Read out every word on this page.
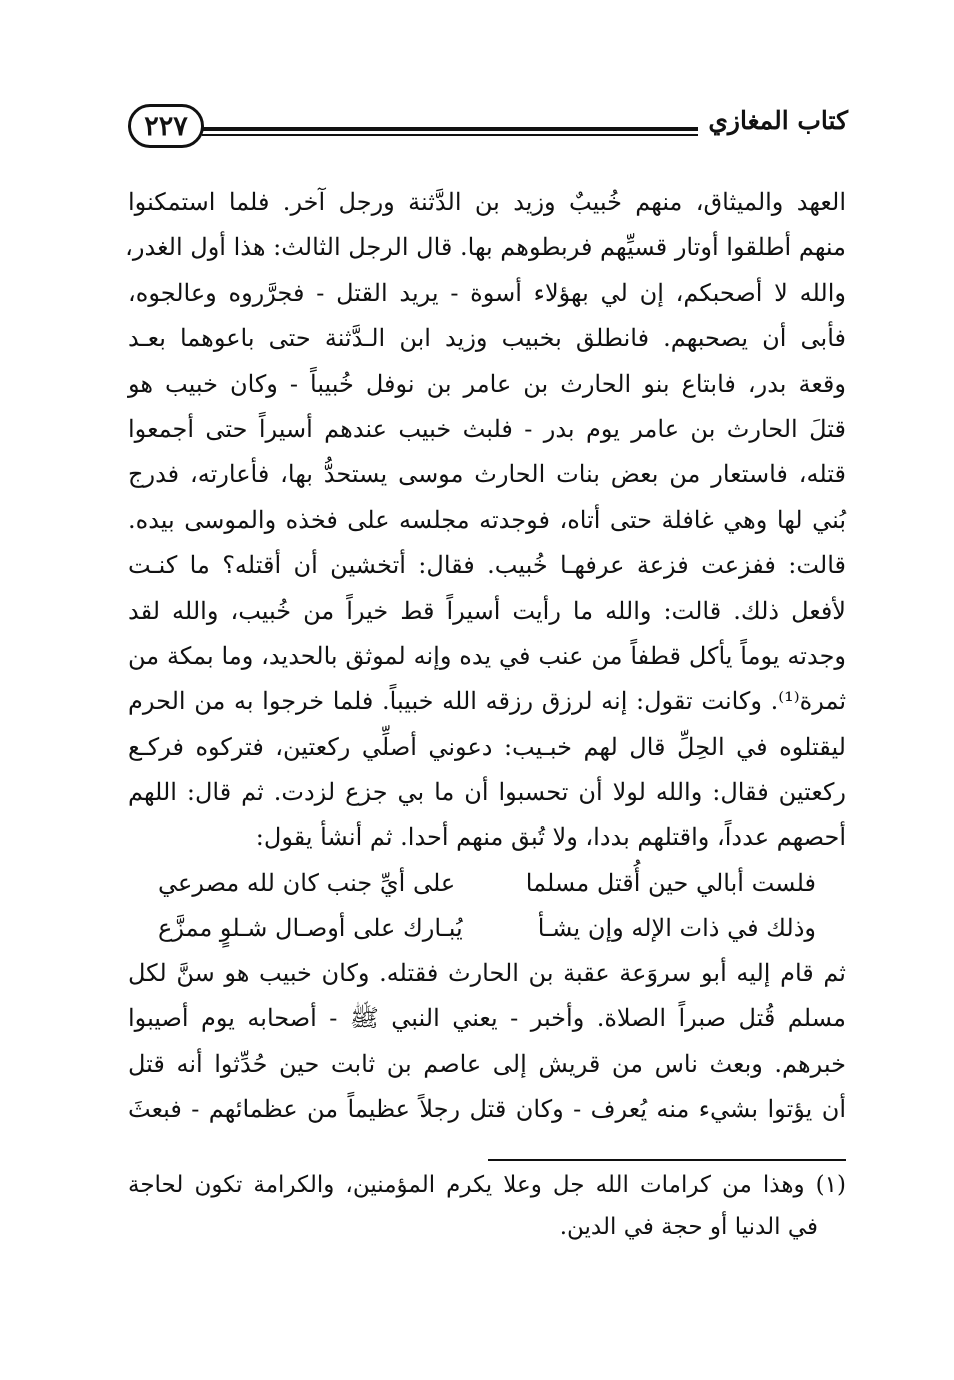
كتاب المغازي
٢٢٧
العهد والميثاق، منهم خُبيبٌ وزيد بن الدَّثنة ورجل آخر. فلما استمكنوا
منهم أطلقوا أوتار قسيِّهم فربطوهم بها. قال الرجل الثالث: هذا أول الغدر،
والله لا أصحبكم، إن لي بهؤلاء أسوة - يريد القتل - فجرَّروه وعالجوه،
فأبى أن يصحبهم. فانطلق بخبيب وزيد ابن الـدَّثنة حتى باعوهما بعـد
وقعة بدر، فابتاع بنو الحارث بن عامر بن نوفل خُبيباً - وكان خبيب هو
قتلَ الحارث بن عامر يوم بدر - فلبث خبيب عندهم أسيراً حتى أجمعوا
قتله، فاستعار من بعض بنات الحارث موسى يستحدُّ بها، فأعارته، فدرج
بُني لها وهي غافلة حتى أتاه، فوجدته مجلسه على فخذه والموسى بيده.
قالت: ففزعت فزعة عرفهـا خُبيب. فقال: أتخشين أن أقتله؟ ما كنـت
لأفعل ذلك. قالت: والله ما رأيت أسيراً قط خيراً من خُبيب، والله لقد
وجدته يوماً يأكل قطفاً من عنب في يده وإنه لموثق بالحديد، وما بمكة من
ثمرة⁽¹⁾. وكانت تقول: إنه لرزق رزقه الله خبيباً. فلما خرجوا به من الحرم
ليقتلوه في الحِلِّ قال لهم خبـيب: دعوني أصلِّي ركعتين، فتركوه فركـع
ركعتين فقال: والله لولا أن تحسبوا أن ما بي جزع لزدت. ثم قال: اللهم
أحصهم عدداً، واقتلهم بددا، ولا تُبق منهم أحدا. ثم أنشأ يقول:
فلست أبالي حين أُقتل مسلما
على أيِّ جنب كان لله مصرعي
وذلك في ذات الإله وإن يشـأ
يُبـارك على أوصـال شـلوٍ ممزَّع
ثم قام إليه أبو سروَعة عقبة بن الحارث فقتله. وكان خبيب هو سنَّ لكل
مسلم قُتل صبراً الصلاة. وأخبر - يعني النبي ﷺ - أصحابه يوم أصيبوا
خبرهم. وبعث ناس من قريش إلى عاصم بن ثابت حين حُدِّثوا أنه قتل
أن يؤتوا بشيء منه يُعرف - وكان قتل رجلاً عظيماً من عظمائهم - فبعثَ
(١) وهذا من كرامات الله جل وعلا يكرم المؤمنين، والكرامة تكون لحاجة
في الدنيا أو حجة في الدين.
